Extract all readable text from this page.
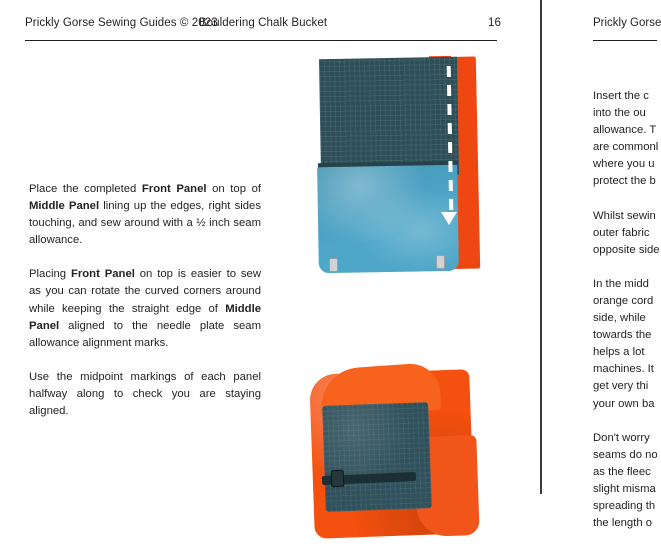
Prickly Gorse Sewing Guides © 2023
Bouldering Chalk Bucket	16

Place the completed Front Panel on top of Middle Panel lining up the edges, right sides touching, and sew around with a ½ inch seam allowance.

Placing Front Panel on top is easier to sew as you can rotate the curved corners around while keeping the straight edge of Middle Panel aligned to the needle plate seam allowance alignment marks.

Use the midpoint markings of each panel halfway along to check you are staying aligned.

Prickly Gorse

Insert the c
into the ou
allowance. T
are commonl
where you u
protect the b

Whilst sewin
outer fabric
opposite side

In the midd
orange cord
side, while
towards the
helps a lot
machines. It
get very thi
your own ba

Don't worry
seams do no
as the fleec
slight misma
spreading th
the length o
